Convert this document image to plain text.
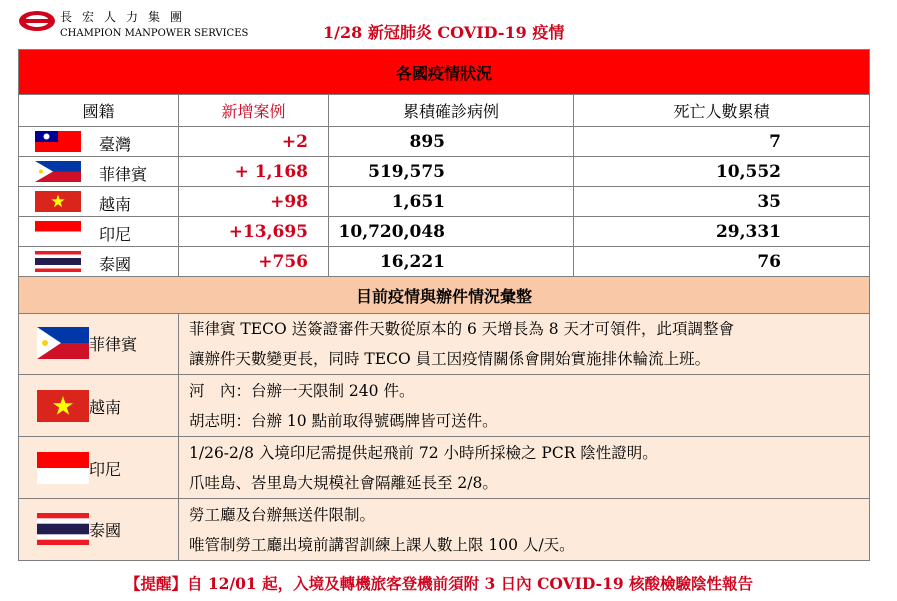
長宏人力集團
CHAMPION MANPOWER SERVICES	1/28 新冠肺炎 COVID-19 疫情
各國疫情狀況			
國籍	新增案例	累積確診病例	死亡人數累積

臺灣	+2	895	7

菲律賓	+ 1,168	519,575	10,552

越南	+98	1,651	35

印尼	+13,695	10,720,048	29,331

泰國	+756	16,221	76
目前疫情與辦件情況彙整			

菲律賓	菲律賓 TECO 送簽證審件天數從原本的 6 天增長為 8 天才可領件，此項調整會
讓辦件天數變更長，同時 TECO 員工因疫情關係會開始實施排休輪流上班。		

越南	河　內：台辦一天限制 240 件。
胡志明：台辦 10 點前取得號碼牌皆可送件。		

印尼	1/26-2/8 入境印尼需提供起飛前 72 小時所採檢之 PCR 陰性證明。
爪哇島、峇里島大規模社會隔離延長至 2/8。		

泰國	勞工廳及台辦無送件限制。
唯管制勞工廳出境前講習訓練上課人數上限 100 人/天。		
【提醒】自 12/01 起，入境及轉機旅客登機前須附 3 日內 COVID-19 核酸檢驗陰性報告
